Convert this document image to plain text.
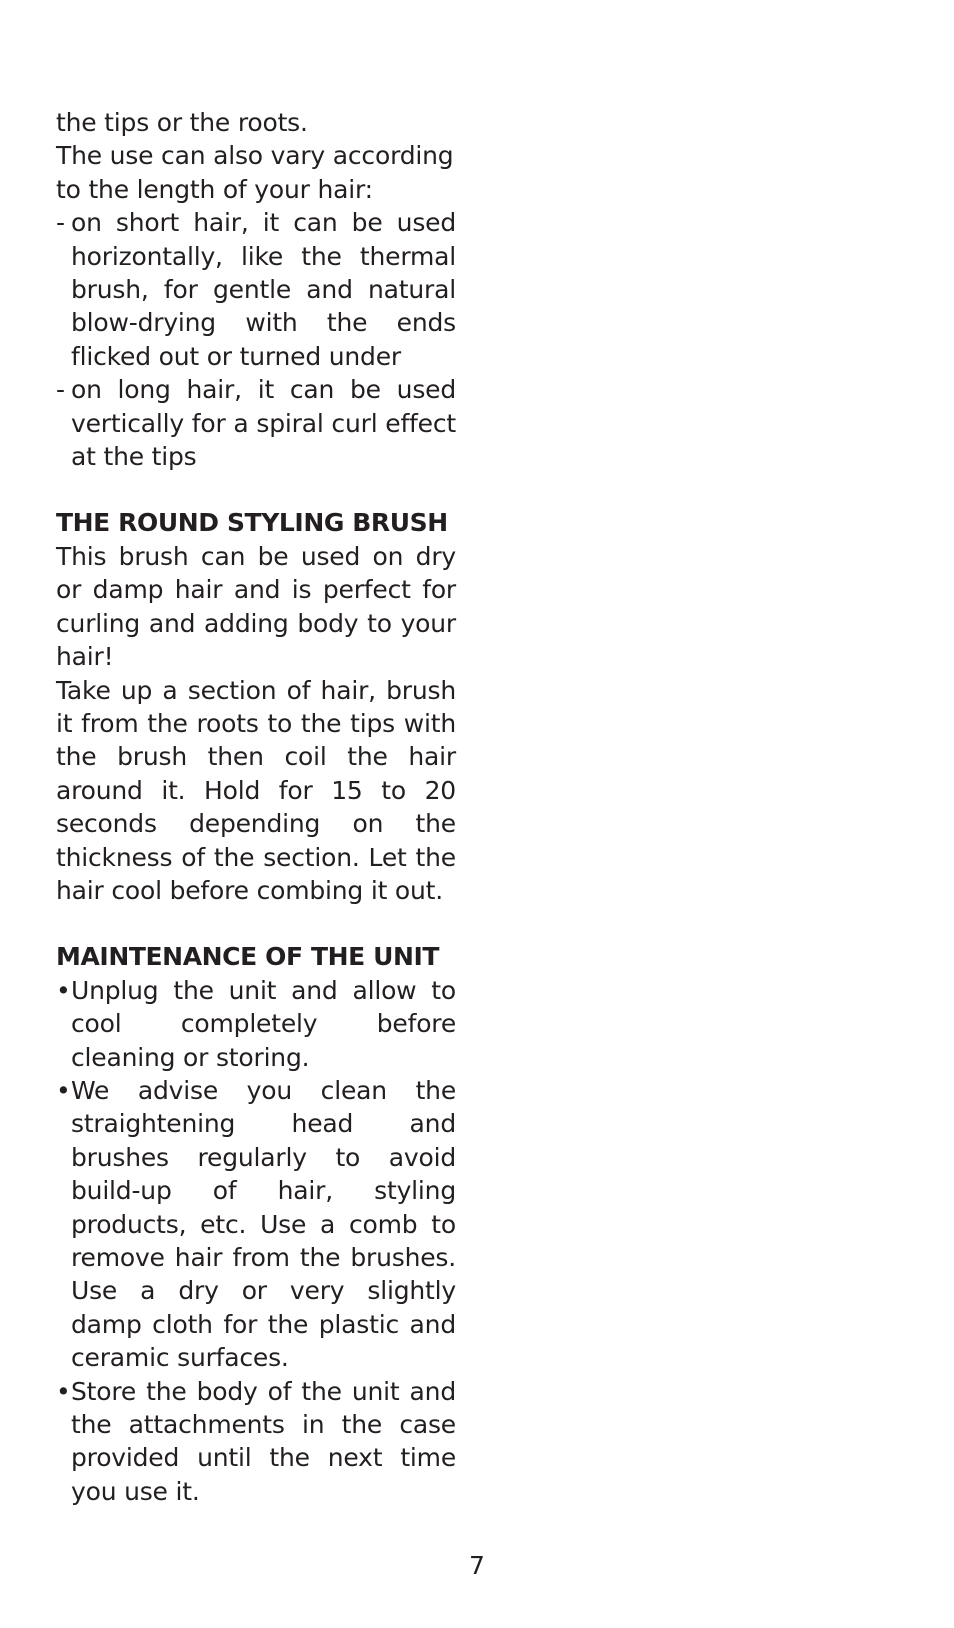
the tips or the roots.

The use can also vary according to the length of your hair:

- on short hair, it can be used horizontally, like the thermal brush, for gentle and natural blow-drying with the ends flicked out or turned under
- on long hair, it can be used vertically for a spiral curl effect at the tips

THE ROUND STYLING BRUSH

This brush can be used on dry or damp hair and is perfect for curling and adding body to your hair!

Take up a section of hair, brush it from the roots to the tips with the brush then coil the hair around it. Hold for 15 to 20 seconds depending on the thickness of the section. Let the hair cool before combing it out.

MAINTENANCE OF THE UNIT

• Unplug the unit and allow to cool completely before cleaning or storing.
• We advise you clean the straightening head and brushes regularly to avoid build-up of hair, styling products, etc. Use a comb to remove hair from the brushes. Use a dry or very slightly damp cloth for the plastic and ceramic surfaces.
• Store the body of the unit and the attachments in the case provided until the next time you use it.
7
